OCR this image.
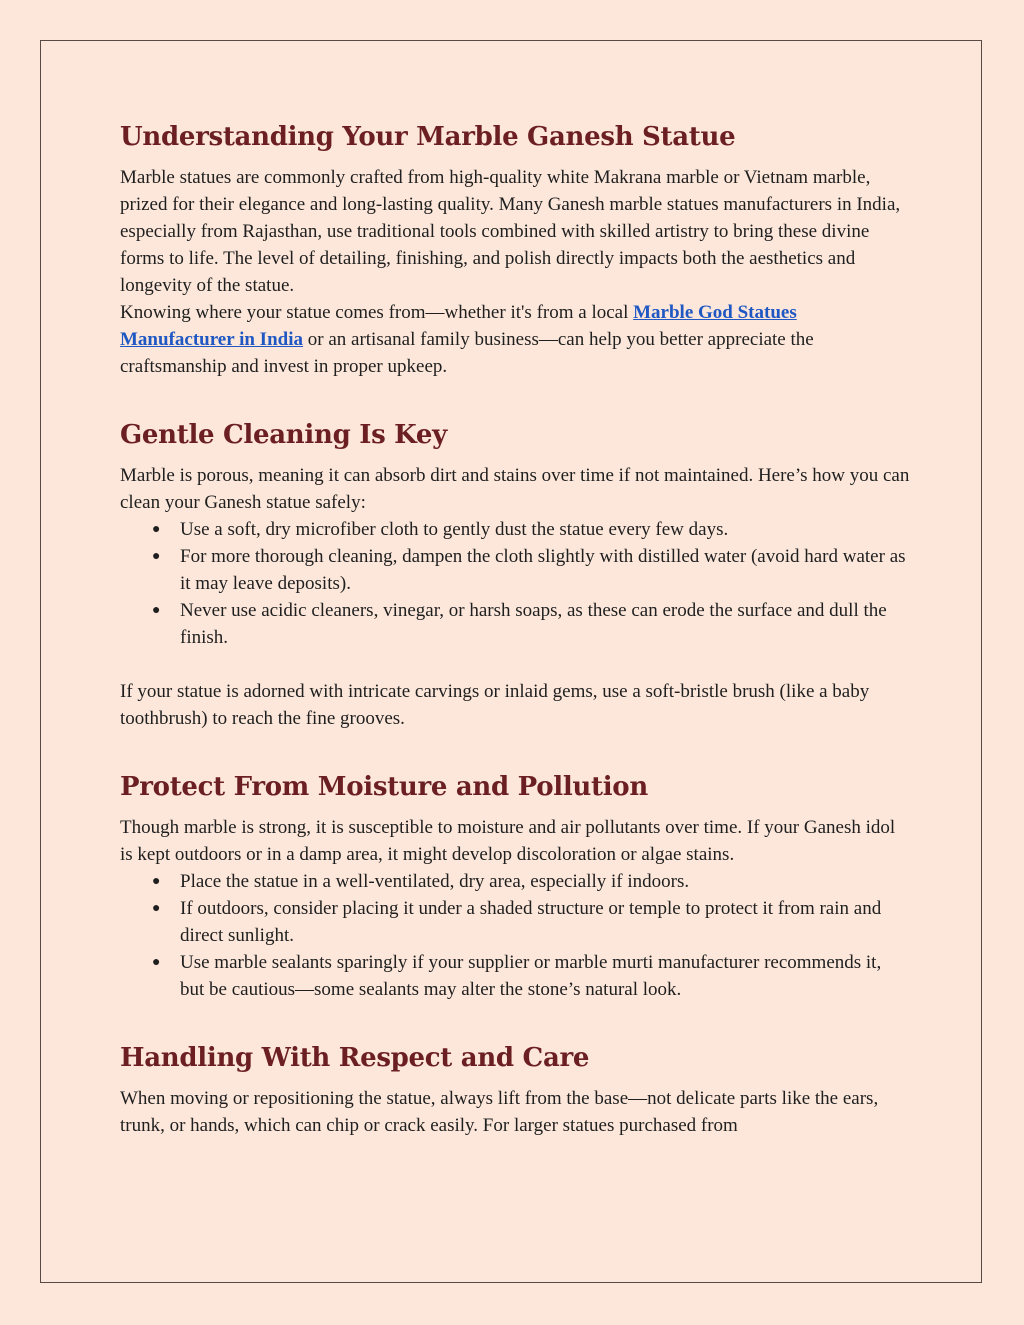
Understanding Your Marble Ganesh Statue

Marble statues are commonly crafted from high-quality white Makrana marble or Vietnam marble, prized for their elegance and long-lasting quality. Many Ganesh marble statues manufacturers in India, especially from Rajasthan, use traditional tools combined with skilled artistry to bring these divine forms to life. The level of detailing, finishing, and polish directly impacts both the aesthetics and longevity of the statue.

Knowing where your statue comes from—whether it's from a local Marble God Statues Manufacturer in India or an artisanal family business—can help you better appreciate the craftsmanship and invest in proper upkeep.

Gentle Cleaning Is Key

Marble is porous, meaning it can absorb dirt and stains over time if not maintained. Here’s how you can clean your Ganesh statue safely:

● Use a soft, dry microfiber cloth to gently dust the statue every few days.
● For more thorough cleaning, dampen the cloth slightly with distilled water (avoid hard water as it may leave deposits).
● Never use acidic cleaners, vinegar, or harsh soaps, as these can erode the surface and dull the finish.

If your statue is adorned with intricate carvings or inlaid gems, use a soft-bristle brush (like a baby toothbrush) to reach the fine grooves.

Protect From Moisture and Pollution

Though marble is strong, it is susceptible to moisture and air pollutants over time. If your Ganesh idol is kept outdoors or in a damp area, it might develop discoloration or algae stains.

● Place the statue in a well-ventilated, dry area, especially if indoors.
● If outdoors, consider placing it under a shaded structure or temple to protect it from rain and direct sunlight.
● Use marble sealants sparingly if your supplier or marble murti manufacturer recommends it, but be cautious—some sealants may alter the stone’s natural look.
Handling With Respect and Care

When moving or repositioning the statue, always lift from the base—not delicate parts like the ears, trunk, or hands, which can chip or crack easily. For larger statues purchased from
